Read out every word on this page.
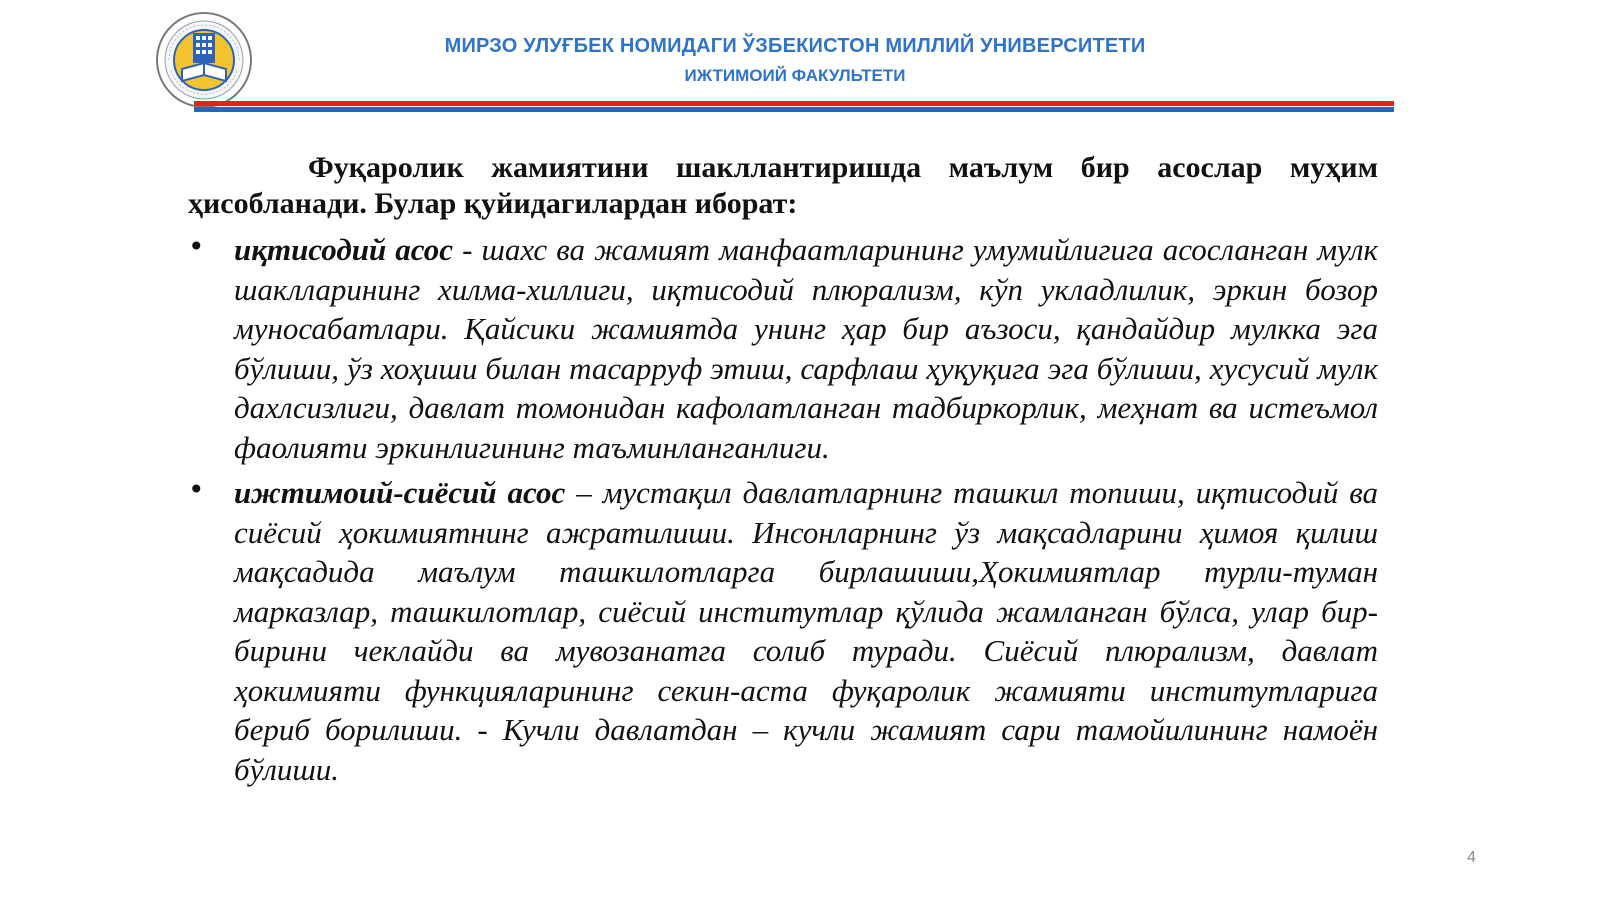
МИРЗО УЛУҒБЕК НОМИДАГИ ЎЗБЕКИСТОН МИЛЛИЙ УНИВЕРСИТЕТИ
ИЖТИМОИЙ ФАКУЛЬТЕТИ

Фуқаролик жамиятини шакллантиришда маълум бир асослар муҳим ҳисобланади. Булар қуйидагилардан иборат:

• иқтисодий асос - шахс ва жамият манфаатларининг умумийлигига асосланган мулк шаклларининг хилма-хиллиги, иқтисодий плюрализм, кўп укладлилик, эркин бозор муносабатлари. Қайсики жамиятда унинг ҳар бир аъзоси, қандайдир мулкка эга бўлиши, ўз хоҳиши билан тасарруф этиш, сарфлаш ҳуқуқига эга бўлиши, хусусий мулк дахлсизлиги, давлат томонидан кафолатланган тадбиркорлик, меҳнат ва истеъмол фаолияти эркинлигининг таъминланганлиги.
• ижтимоий-сиёсий асос – мустақил давлатларнинг ташкил топиши, иқтисодий ва сиёсий ҳокимиятнинг ажратилиши. Инсонларнинг ўз мақсадларини ҳимоя қилиш мақсадида маълум ташкилотларга бирлашиши,Ҳокимиятлар турли-туман марказлар, ташкилотлар, сиёсий институтлар қўлида жамланган бўлса, улар бир-бирини чеклайди ва мувозанатга солиб туради. Сиёсий плюрализм, давлат ҳокимияти функцияларининг секин-аста фуқаролик жамияти институтларига бериб борилиши. - Кучли давлатдан – кучли жамият сари тамойилининг намоён бўлиши.
4
